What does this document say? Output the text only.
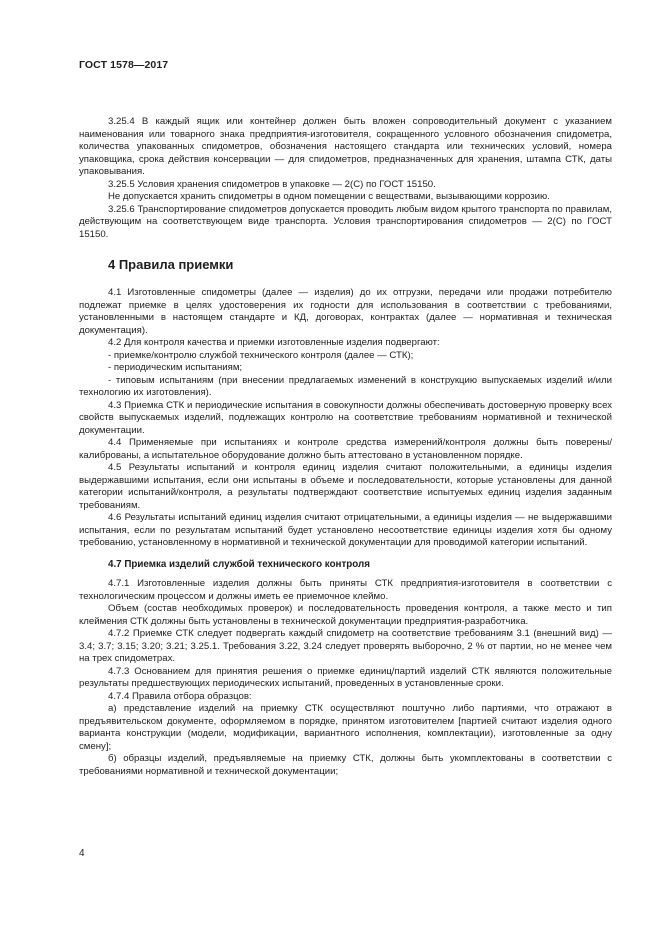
ГОСТ 1578—2017

3.25.4 В каждый ящик или контейнер должен быть вложен сопроводительный документ с указанием наименования или товарного знака предприятия-изготовителя, сокращенного условного обозначения спидометра, количества упакованных спидометров, обозначения настоящего стандарта или технических условий, номера упаковщика, срока действия консервации — для спидометров, предназначенных для хранения, штампа СТК, даты упаковывания.

3.25.5 Условия хранения спидометров в упаковке — 2(С) по ГОСТ 15150.

Не допускается хранить спидометры в одном помещении с веществами, вызывающими коррозию.

3.25.6 Транспортирование спидометров допускается проводить любым видом крытого транспорта по правилам, действующим на соответствующем виде транспорта. Условия транспортирования спидометров — 2(С) по ГОСТ 15150.

4 Правила приемки

4.1 Изготовленные спидометры (далее — изделия) до их отгрузки, передачи или продажи потребителю подлежат приемке в целях удостоверения их годности для использования в соответствии с требованиями, установленными в настоящем стандарте и КД, договорах, контрактах (далее — нормативная и техническая документация).

4.2 Для контроля качества и приемки изготовленные изделия подвергают:

- приемке/контролю службой технического контроля (далее — СТК);

- периодическим испытаниям;

- типовым испытаниям (при внесении предлагаемых изменений в конструкцию выпускаемых изделий и/или технологию их изготовления).

4.3 Приемка СТК и периодические испытания в совокупности должны обеспечивать достоверную проверку всех свойств выпускаемых изделий, подлежащих контролю на соответствие требованиям нормативной и технической документации.

4.4 Применяемые при испытаниях и контроле средства измерений/контроля должны быть поверены/калиброваны, а испытательное оборудование должно быть аттестовано в установленном порядке.

4.5 Результаты испытаний и контроля единиц изделия считают положительными, а единицы изделия выдержавшими испытания, если они испытаны в объеме и последовательности, которые установлены для данной категории испытаний/контроля, а результаты подтверждают соответствие испытуемых единиц изделия заданным требованиям.

4.6 Результаты испытаний единиц изделия считают отрицательными, а единицы изделия — не выдержавшими испытания, если по результатам испытаний будет установлено несоответствие единицы изделия хотя бы одному требованию, установленному в нормативной и технической документации для проводимой категории испытаний.

4.7 Приемка изделий службой технического контроля

4.7.1 Изготовленные изделия должны быть приняты СТК предприятия-изготовителя в соответствии с технологическим процессом и должны иметь ее приемочное клеймо.

Объем (состав необходимых проверок) и последовательность проведения контроля, а также место и тип клеймения СТК должны быть установлены в технической документации предприятия-разработчика.

4.7.2 Приемке СТК следует подвергать каждый спидометр на соответствие требованиям 3.1 (внешний вид) — 3.4; 3.7; 3.15; 3.20; 3.21; 3.25.1. Требования 3.22, 3.24 следует проверять выборочно, 2 % от партии, но не менее чем на трех спидометрах.

4.7.3 Основанием для принятия решения о приемке единиц/партий изделий СТК являются положительные результаты предшествующих периодических испытаний, проведенных в установленные сроки.

4.7.4 Правила отбора образцов:

а) представление изделий на приемку СТК осуществляют поштучно либо партиями, что отражают в предъявительском документе, оформляемом в порядке, принятом изготовителем [партией считают изделия одного варианта конструкции (модели, модификации, вариантного исполнения, комплектации), изготовленные за одну смену];

б) образцы изделий, предъявляемые на приемку СТК, должны быть укомплектованы в соответствии с требованиями нормативной и технической документации;

4
